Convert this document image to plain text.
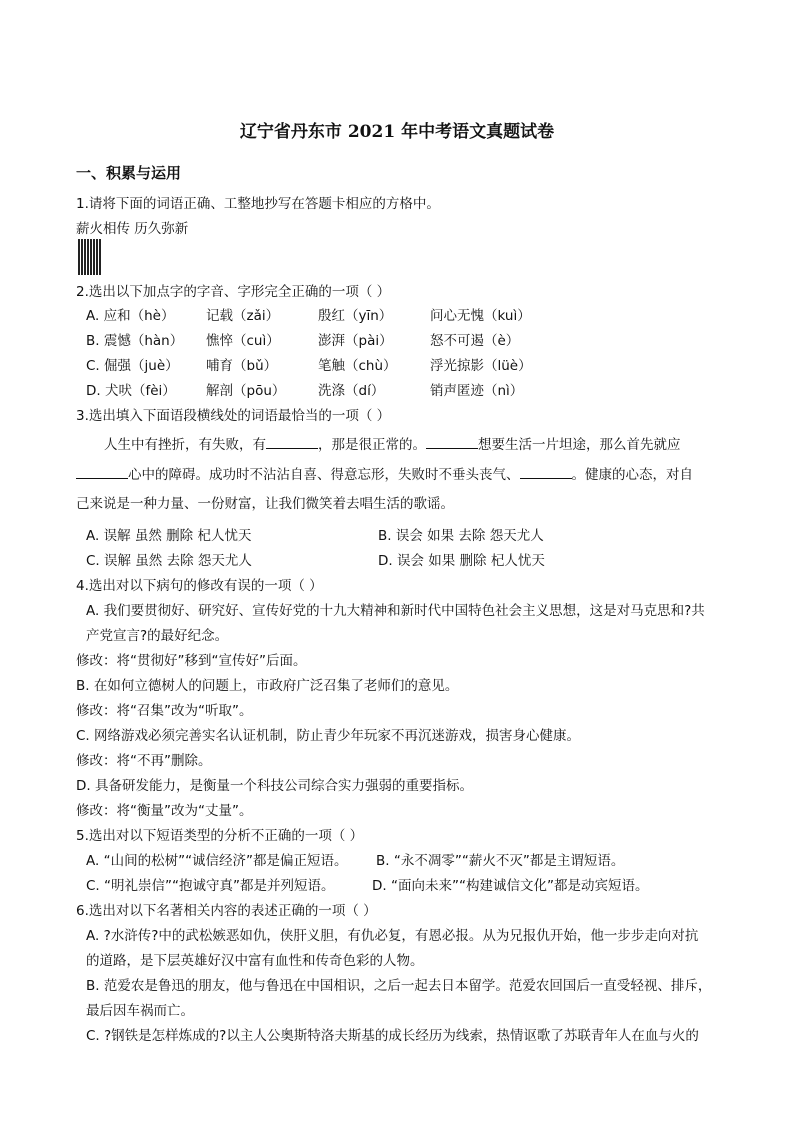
辽宁省丹东市 2021 年中考语文真题试卷
一、积累与运用
1.请将下面的词语正确、工整地抄写在答题卡相应的方格中。
薪火相传 历久弥新
2.选出以下加点字的字音、字形完全正确的一项（ ）
A. 应和（hè） 记载（zǎi）	殷红（yīn）	问心无愧（kuì）
B. 震憾（hàn） 憔悴（cuì）	澎湃（pài）	怒不可遏（è）
C. 倔强（juè） 哺育（bǔ）	笔触（chù） 浮光掠影（lüè）
D. 犬吠（fèi） 解剖（pōu） 洗涤（dí）	销声匿迹（nì）
3.选出填入下面语段横线处的词语最恰当的一项（ ）
人生中有挫折，有失败，有	，那是很正常的。	想要生活一片坦途，那么首先就应
心中的障碍。成功时不沾沾自喜、得意忘形，失败时不垂头丧气、	。健康的心态，对自
己来说是一种力量、一份财富，让我们微笑着去唱生活的歌谣。
A. 误解 虽然 删除 杞人忧天	B. 误会 如果 去除 怨天尤人
C. 误解 虽然 去除 怨天尤人	D. 误会 如果 删除 杞人忧天
4.选出对以下病句的修改有误的一项（ ）
A. 我们要贯彻好、研究好、宣传好党的十九大精神和新时代中国特色社会主义思想，这是对马克思和?共
产党宣言?的最好纪念。
修改：将“贯彻好”移到“宣传好”后面。
B. 在如何立德树人的问题上，市政府广泛召集了老师们的意见。
修改：将“召集”改为“听取”。
C. 网络游戏必须完善实名认证机制，防止青少年玩家不再沉迷游戏，损害身心健康。
修改：将“不再”删除。
D. 具备研发能力，是衡量一个科技公司综合实力强弱的重要指标。
修改：将“衡量”改为“丈量”。
5.选出对以下短语类型的分析不正确的一项（ ）
A. “山间的松树”“诚信经济”都是偏正短语。 B. “永不凋零”“薪火不灭”都是主谓短语。
C. “明礼崇信”“抱诚守真”都是并列短语。	D. “面向未来”“构建诚信文化”都是动宾短语。
6.选出对以下名著相关内容的表述正确的一项（ ）
A. ?水浒传?中的武松嫉恶如仇，侠肝义胆，有仇必复，有恩必报。从为兄报仇开始，他一步步走向对抗
的道路，是下层英雄好汉中富有血性和传奇色彩的人物。
B. 范爱农是鲁迅的朋友，他与鲁迅在中国相识，之后一起去日本留学。范爱农回国后一直受轻视、排斥，
最后因车祸而亡。
C. ?钢铁是怎样炼成的?以主人公奥斯特洛夫斯基的成长经历为线索，热情讴歌了苏联青年人在血与火的
